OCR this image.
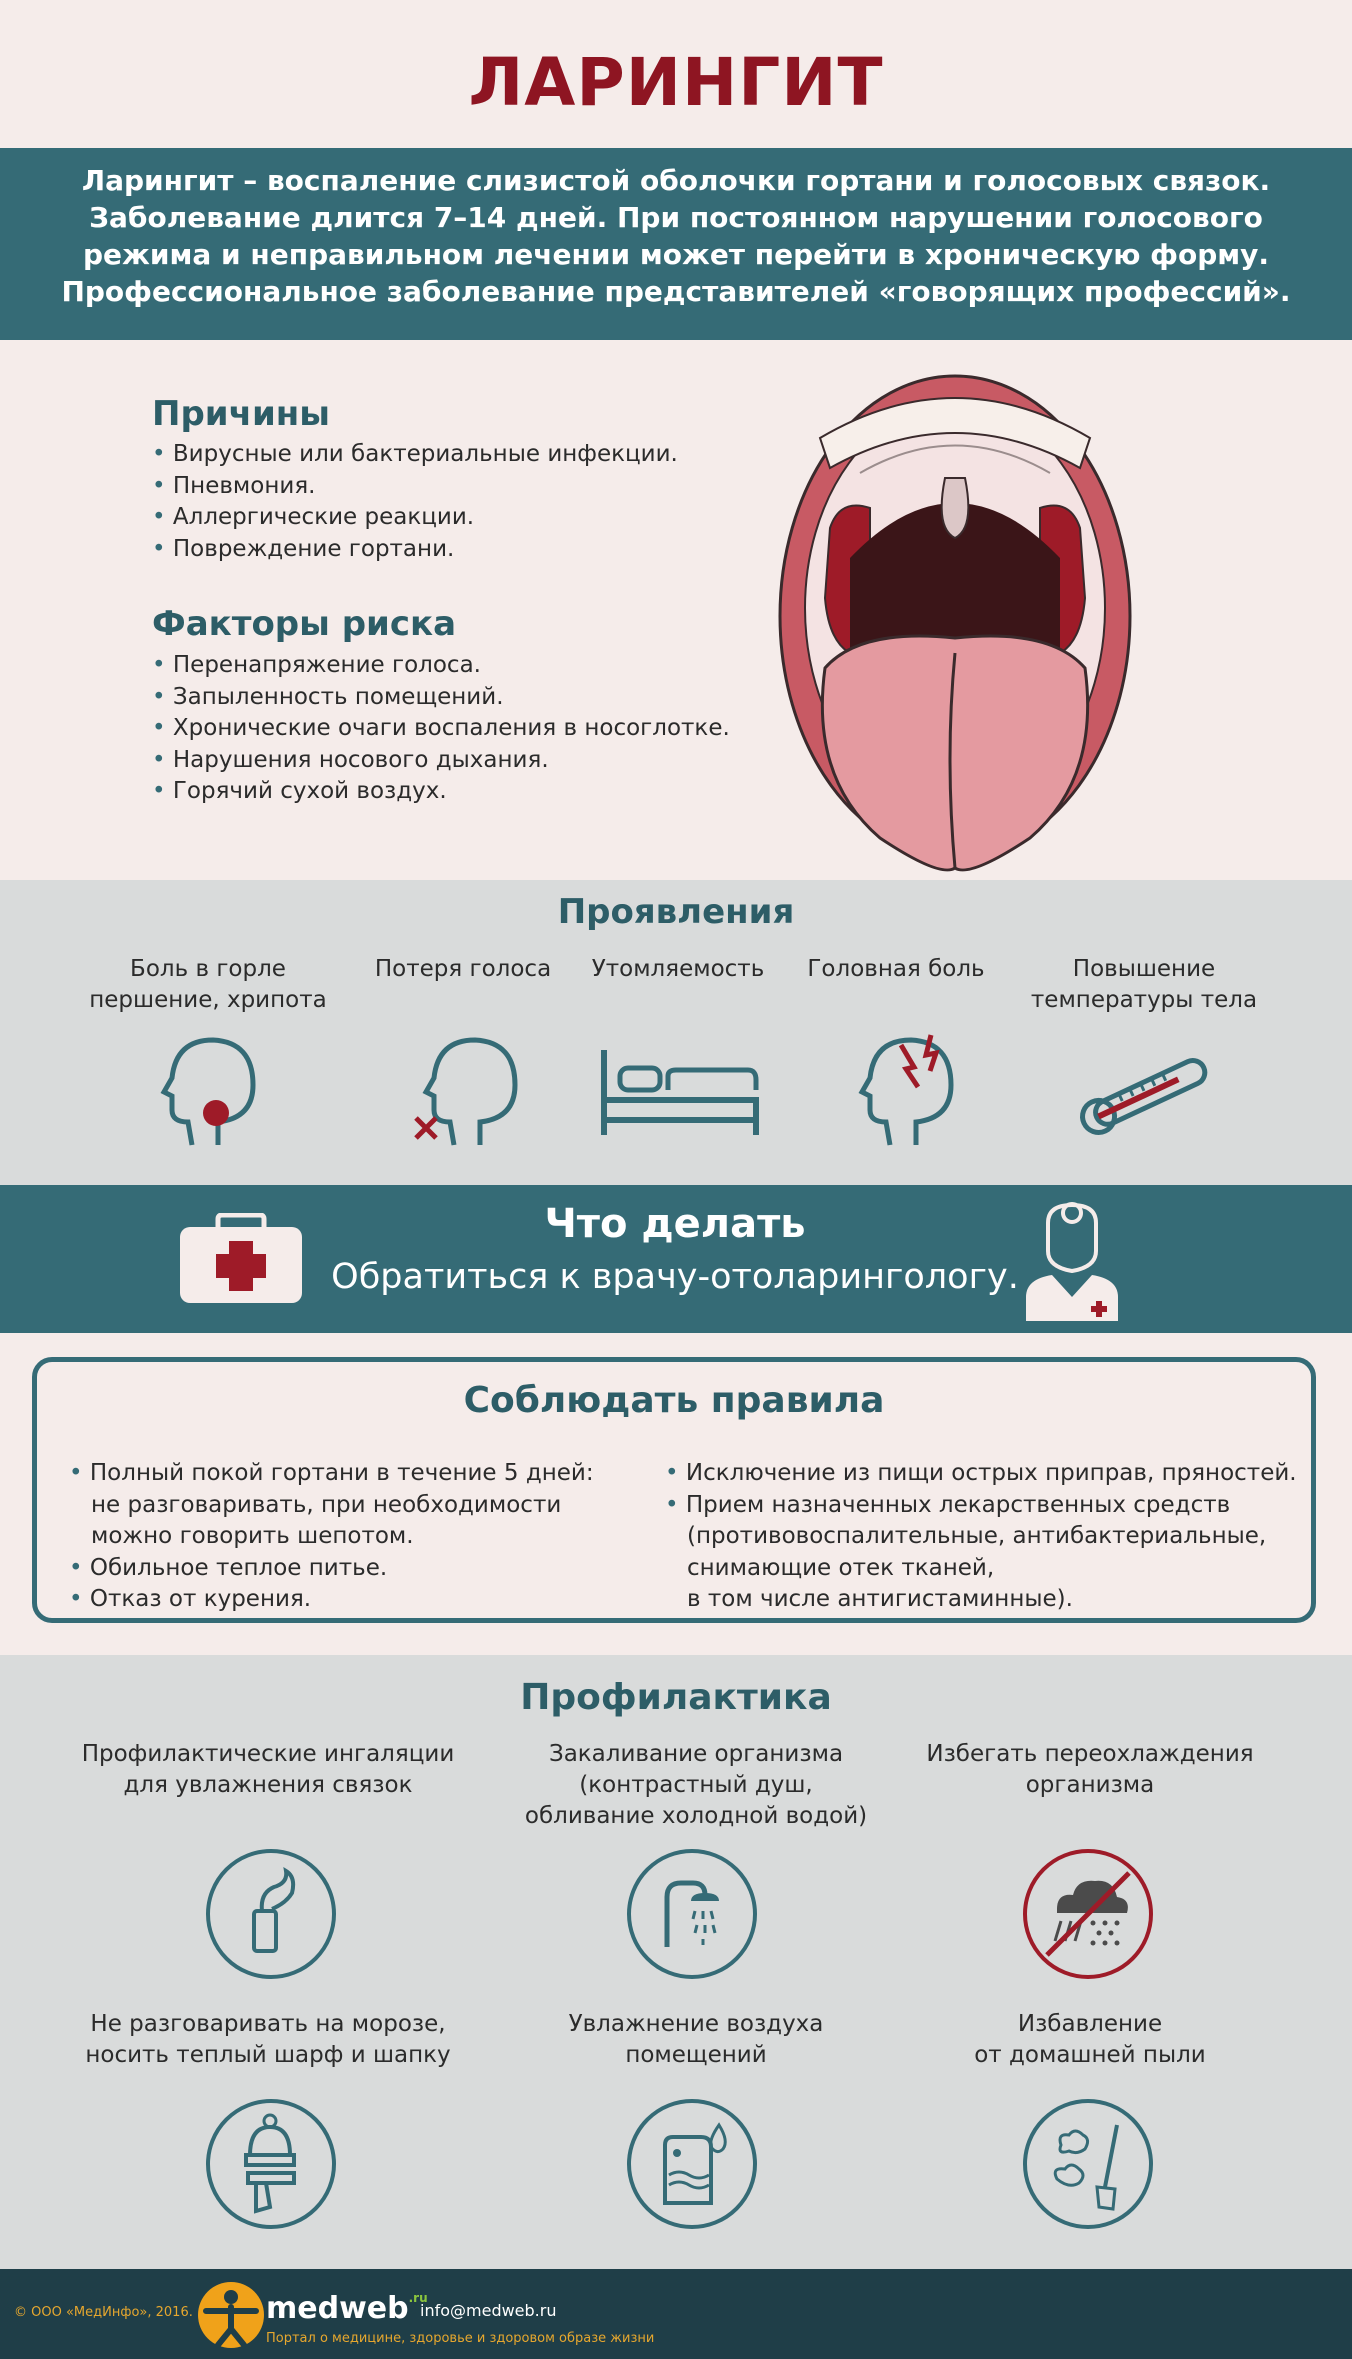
ЛАРИНГИТ
Ларингит – воспаление слизистой оболочки гортани и голосовых связок.
Заболевание длится 7–14 дней. При постоянном нарушении голосового
режима и неправильном лечении может перейти в хроническую форму.
Профессиональное заболевание представителей «говорящих профессий».
Причины
• Вирусные или бактериальные инфекции.
• Пневмония.
• Аллергические реакции.
• Повреждение гортани.
Факторы риска
• Перенапряжение голоса.
• Запыленность помещений.
• Хронические очаги воспаления в носоглотке.
• Нарушения носового дыхания.
• Горячий сухой воздух.
Проявления
Боль в горле
першение, хрипота
Потеря голоса	Утомляемость	Головная боль	Повышение
температуры тела
Что делать
Обратиться к врачу-отоларингологу.
Соблюдать правила
• Полный покой гортани в течение 5 дней:
не разговаривать, при необходимости
можно говорить шепотом.
• Обильное теплое питье.
• Отказ от курения.
• Исключение из пищи острых приправ, пряностей.
• Прием назначенных лекарственных средств
(противовоспалительные, антибактериальные,
снимающие отек тканей,
в том числе антигистаминные).
Профилактика
Профилактические ингаляции
для увлажнения связок
Закаливание организма
(контрастный душ,
обливание холодной водой)
Избегать переохлаждения
организма
Не разговаривать на морозе,
носить теплый шарф и шапку
Увлажнение воздуха
помещений
Избавление
от домашней пыли
© ООО «МедИнфо», 2016. medweb$^{.ru}$
info@medweb.ru
Портал о медицине, здоровье и здоровом образе жизни
